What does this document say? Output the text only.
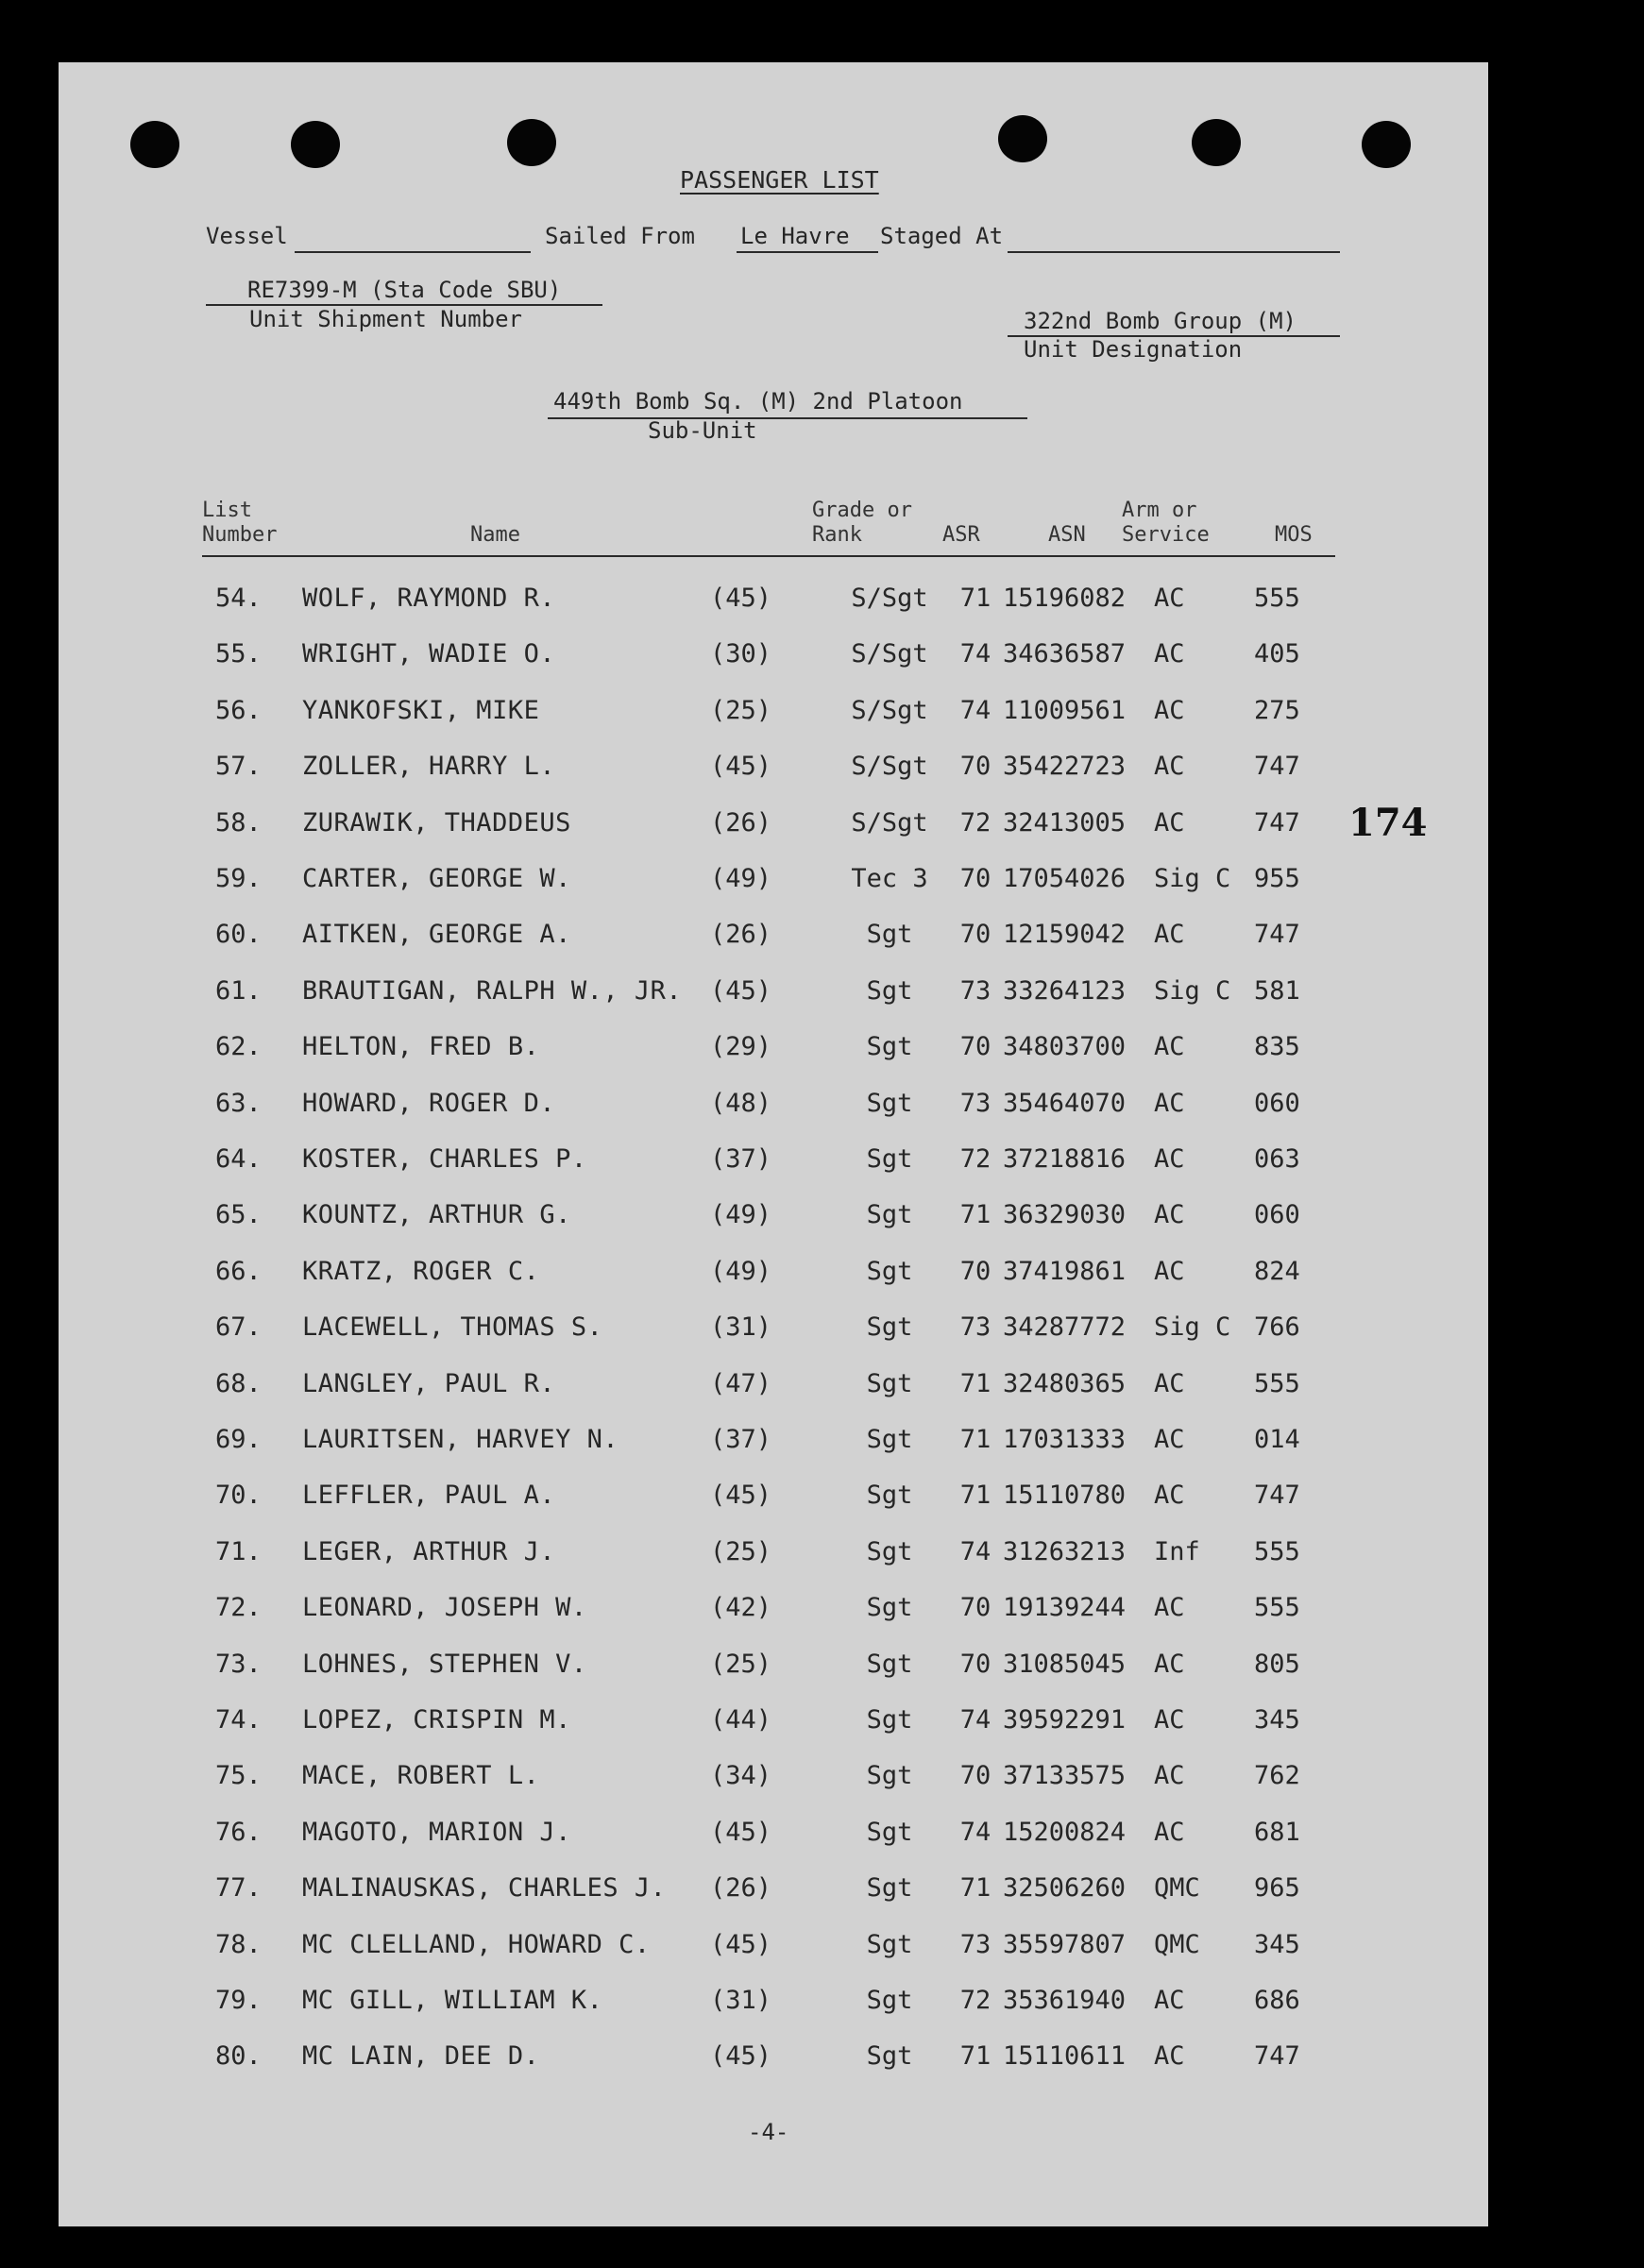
PASSENGER LIST
Vessel	Sailed From Le Havre Staged At
RE7399-M (Sta Code SBU)
Unit Shipment Number	322nd Bomb Group (M)
Unit Designation
449th Bomb Sq. (M) 2nd Platoon
Sub-Unit
List
Number	Name
Grade or
Rank	ASR	ASN
Arm or
Service	MOS
54. WOLF, RAYMOND R.	(45)	S/Sgt	71 15196082 AC	555
55. WRIGHT, WADIE O.	(30)	S/Sgt	74 34636587 AC	405
56. YANKOFSKI, MIKE	(25)	S/Sgt	74 11009561 AC	275
57. ZOLLER, HARRY L.	(45)	S/Sgt	70 35422723 AC	747
58. ZURAWIK, THADDEUS	(26)	S/Sgt	72 32413005 AC	747
59. CARTER, GEORGE W.	(49)	Tec 3	70 17054026 Sig C 955
60. AITKEN, GEORGE A.	(26)	Sgt	70 12159042 AC	747
61. BRAUTIGAN, RALPH W., JR. (45)	Sgt	73 33264123 Sig C 581
62. HELTON, FRED B.	(29)	Sgt	70 34803700 AC	835
63. HOWARD, ROGER D.	(48)	Sgt	73 35464070 AC	060
64. KOSTER, CHARLES P.	(37)	Sgt	72 37218816 AC	063
65. KOUNTZ, ARTHUR G.	(49)	Sgt	71 36329030 AC	060
66. KRATZ, ROGER C.	(49)	Sgt	70 37419861 AC	824
67. LACEWELL, THOMAS S.	(31)	Sgt	73 34287772 Sig C 766
68. LANGLEY, PAUL R.	(47)	Sgt	71 32480365 AC	555
69. LAURITSEN, HARVEY N.	(37)	Sgt	71 17031333 AC	014
70. LEFFLER, PAUL A.	(45)	Sgt	71 15110780 AC	747
71. LEGER, ARTHUR J.	(25)	Sgt	74 31263213 Inf 555
72. LEONARD, JOSEPH W.	(42)	Sgt	70 19139244 AC	555
73. LOHNES, STEPHEN V.	(25)	Sgt	70 31085045 AC	805
74. LOPEZ, CRISPIN M.	(44)	Sgt	74 39592291 AC	345
75. MACE, ROBERT L.	(34)	Sgt	70 37133575 AC	762
76. MAGOTO, MARION J.	(45)	Sgt	74 15200824 AC	681
77. MALINAUSKAS, CHARLES J. (26)	Sgt	71 32506260 QMC 965
78. MC CLELLAND, HOWARD C. (45)	Sgt	73 35597807 QMC 345
79. MC GILL, WILLIAM K.	(31)	Sgt	72 35361940 AC	686
80. MC LAIN, DEE D.	(45)	Sgt	71 15110611 AC	747
174
-4-
